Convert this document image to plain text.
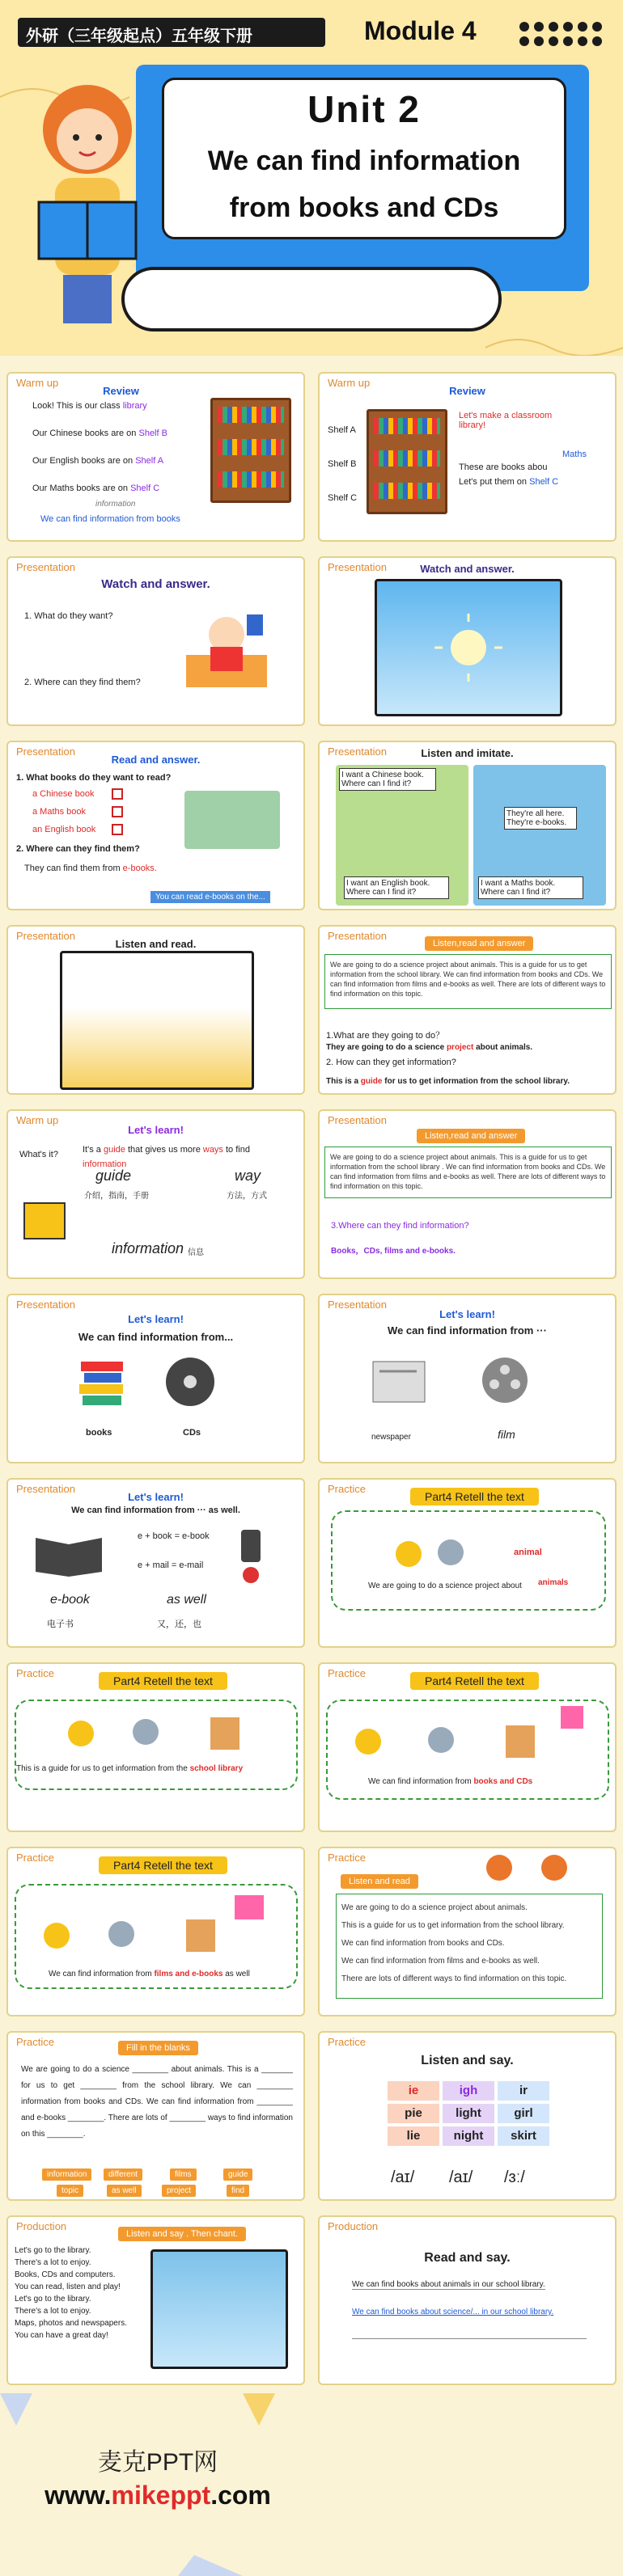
外研（三年级起点）五年级下册	Module 4
Unit 2
We can find information
from books and CDs
Warm up
Review
Look! This is our class library
Our Chinese books are on Shelf B
Our English books are on Shelf A
Our Maths books are on Shelf C
information
We can find information from books
Warm up
Review
Shelf A
Shelf B
Shelf C
Let's make a classroom library!
Maths
These are books abou
Let's put them on Shelf C
Presentation
Watch and answer.
1. What do they want?
2. Where can they find them?
Presentation	Watch and answer.
Presentation
Read and answer.
1. What books do they want to read?
a Chinese book
a Maths book
an English book
2. Where can they find them?
They can find them from e-books.
You can read e-books on the...
Presentation	Listen and imitate.
I want a Chinese book. Where can I find it?
They're all here. They're e-books.
I want an English book. Where can I find it?
I want a Maths book. Where can I find it?
Presentation
Listen and read.
Presentation
Listen,read and answer
We are going to do a science project about animals. This is a guide for us to get information from the school library. We can find information from books and CDs. We can find information from films and e-books as well. There are lots of different ways to find information on this topic.
1.What are they going to do？
They are going to do a science project about animals.
2. How can they get information?
This is a guide for us to get information from the school library.
Warm up
Let's learn!
What's it?	It's a guide that gives us more ways to find
information
guide
介绍，指南，手册
way
方法，方式
information 信息
Presentation
Listen,read and answer
We are going to do a science project about animals. This is a guide for us to get information from the school library . We can find information from books and CDs. We can find information from films and e-books as well. There are lots of different ways to find information on this topic.
3.Where can they find information?
Books，CDs, films and e-books.
Presentation
Let's learn!
We can find information from...
books	CDs
Presentation
Let's learn!
We can find information from ···
newspaper	film
Presentation
Let's learn!
We can find information from ··· as well.
e + book = e-book
e + mail = e-mail
e-book
电子书
as well
又，还，也
Practice
Part4 Retell the text
animal
We are going to do a science project about animals
Practice
Part4 Retell the text
This is a guide for us to get information from the school library
Practice
Part4 Retell the text
We can find information from books and CDs
Practice
Part4 Retell the text
We can find information from films and e-books as well
Practice
Listen and read
We are going to do a science project about animals.
This is a guide for us to get information from the school library.
We can find information from books and CDs.
We can find information from films and e-books as well.
There are lots of different ways to find information on this topic.
Practice	Fill in the blanks
We are going to do a science ________ about animals. This is a _______ for us to get ________ from the school library. We can ________ information from books and CDs. We can find information from ________ and e-books ________. There are lots of ________ ways to find information on this ________.
information	different	films	guide
topic	as well	project	find
Practice
Listen and say.
ie	igh	ir
pie	light	girl
lie	night	skirt
/aɪ/ /aɪ/ /ɜː/
Production
Listen and say . Then chant.
Let's go to the library.
There's a lot to enjoy.
Books, CDs and computers.
You can read, listen and play!
Let's go to the library.
There's a lot to enjoy.
Maps, photos and newspapers.
You can have a great day!
Production
Read and say.
We can find books about animals in our school library.
We can find books about science/... in our school library.
麦克PPT网
www.mikeppt.com
